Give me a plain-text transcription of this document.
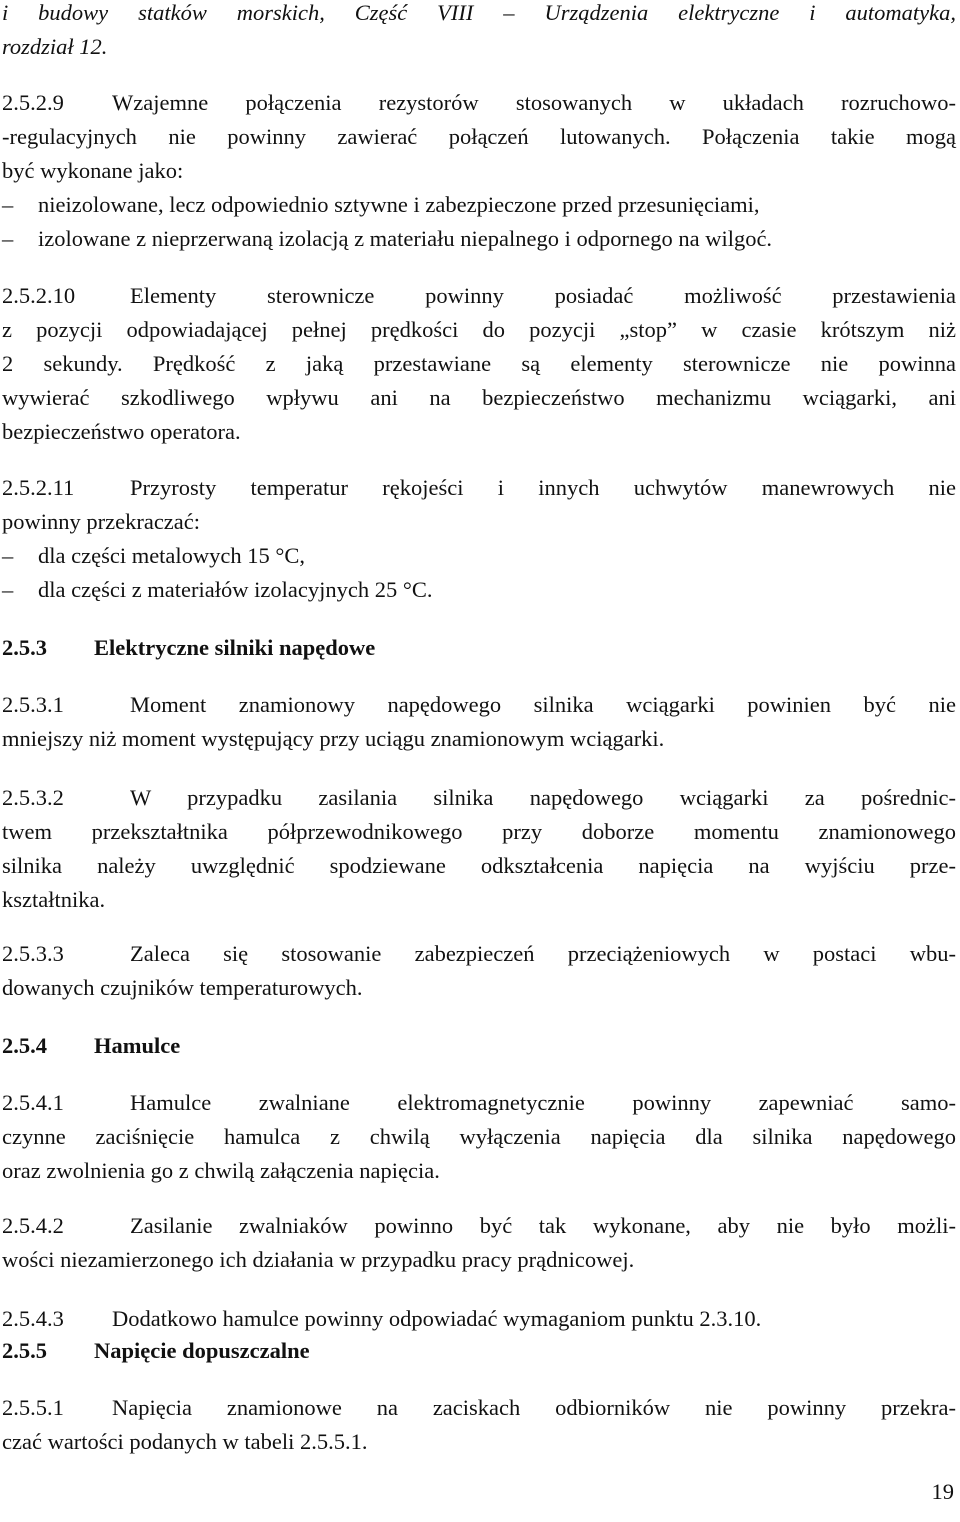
i budowy statków morskich, Część VIII – Urządzenia elektryczne i automatyka,
rozdział 12.
2.5.2.9 Wzajemne połączenia rezystorów stosowanych w układach rozruchowo-
-regulacyjnych nie powinny zawierać połączeń lutowanych. Połączenia takie mogą
być wykonane jako:
–	nieizolowane, lecz odpowiednio sztywne i zabezpieczone przed przesunięciami,
–	izolowane z nieprzerwaną izolacją z materiału niepalnego i odpornego na wilgoć.
2.5.2.10 Elementy sterownicze powinny posiadać możliwość przestawienia
z pozycji odpowiadającej pełnej prędkości do pozycji „stop” w czasie krótszym niż
2 sekundy. Prędkość z jaką przestawiane są elementy sterownicze nie powinna
wywierać szkodliwego wpływu ani na bezpieczeństwo mechanizmu wciągarki, ani
bezpieczeństwo operatora.
2.5.2.11 Przyrosty temperatur rękojeści i innych uchwytów manewrowych nie
powinny przekraczać:
–	dla części metalowych 15 °C,
–	dla części z materiałów izolacyjnych 25 °C.
2.5.3 Elektryczne silniki napędowe
2.5.3.1	Moment znamionowy napędowego silnika wciągarki powinien być nie
mniejszy niż moment występujący przy uciągu znamionowym wciągarki.
2.5.3.2	W przypadku zasilania silnika napędowego wciągarki za pośrednic-
twem przekształtnika półprzewodnikowego przy doborze momentu znamionowego
silnika należy uwzględnić spodziewane odkształcenia napięcia na wyjściu prze-
kształtnika.
2.5.3.3	Zaleca się stosowanie zabezpieczeń przeciążeniowych w postaci wbu-
dowanych czujników temperaturowych.
2.5.4 Hamulce
2.5.4.1	Hamulce zwalniane elektromagnetycznie powinny zapewniać samo-
czynne zaciśnięcie hamulca z chwilą wyłączenia napięcia dla silnika napędowego
oraz zwolnienia go z chwilą załączenia napięcia.
2.5.4.2	Zasilanie zwalniaków powinno być tak wykonane, aby nie było możli-
wości niezamierzonego ich działania w przypadku pracy prądnicowej.
2.5.4.3 Dodatkowo hamulce powinny odpowiadać wymaganiom punktu 2.3.10.
2.5.5 Napięcie dopuszczalne
2.5.5.1 Napięcia znamionowe na zaciskach odbiorników nie powinny przekra-
czać wartości podanych w tabeli 2.5.5.1.
19
